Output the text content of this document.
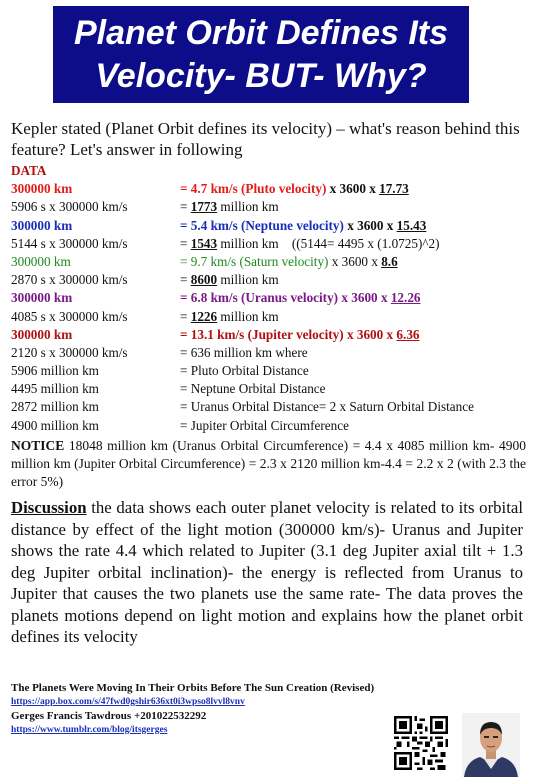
Planet Orbit Defines Its
Velocity- BUT- Why?
Kepler stated (Planet Orbit defines its velocity) – what's reason behind this feature? Let's answer in following
DATA
300000 km	= 4.7 km/s (Pluto velocity) x 3600 x 17.73
5906 s x 300000 km/s	= 1773 million km
300000 km	= 5.4 km/s (Neptune velocity) x 3600 x 15.43
5144 s x 300000 km/s	= 1543 million km    ((5144= 4495 x (1.0725)^2)
300000 km	= 9.7 km/s (Saturn velocity) x 3600 x 8.6
2870 s x 300000 km/s	= 8600 million km
300000 km	= 6.8 km/s (Uranus velocity) x 3600 x 12.26
4085 s x 300000 km/s	= 1226 million km
300000 km	= 13.1 km/s (Jupiter velocity) x 3600 x 6.36
2120 s x 300000 km/s	= 636 million km where
5906 million km	= Pluto Orbital Distance
4495 million km	= Neptune Orbital Distance
2872 million km	= Uranus Orbital Distance= 2 x Saturn Orbital Distance
4900 million km	= Jupiter Orbital Circumference
NOTICE 18048 million km (Uranus Orbital Circumference) = 4.4 x 4085 million km- 4900 million km (Jupiter Orbital Circumference) = 2.3 x 2120 million km-4.4 = 2.2 x 2 (with 2.3 the error 5%)
Discussion the data shows each outer planet velocity is related to its orbital distance by effect of the light motion (300000 km/s)- Uranus and Jupiter shows the rate 4.4 which related to Jupiter (3.1 deg Jupiter axial tilt + 1.3 deg Jupiter orbital inclination)- the energy is reflected from Uranus to Jupiter that causes the two planets use the same rate- The data proves the planets motions depend on light motion and explains how the planet orbit defines its velocity
The Planets Were Moving In Their Orbits Before The Sun Creation (Revised)
https://app.box.com/s/47fwd0gshir636xt0i3wpso8lvvl8vnv
Gerges Francis Tawdrous +201022532292
https://www.tumblr.com/blog/itsgerges
